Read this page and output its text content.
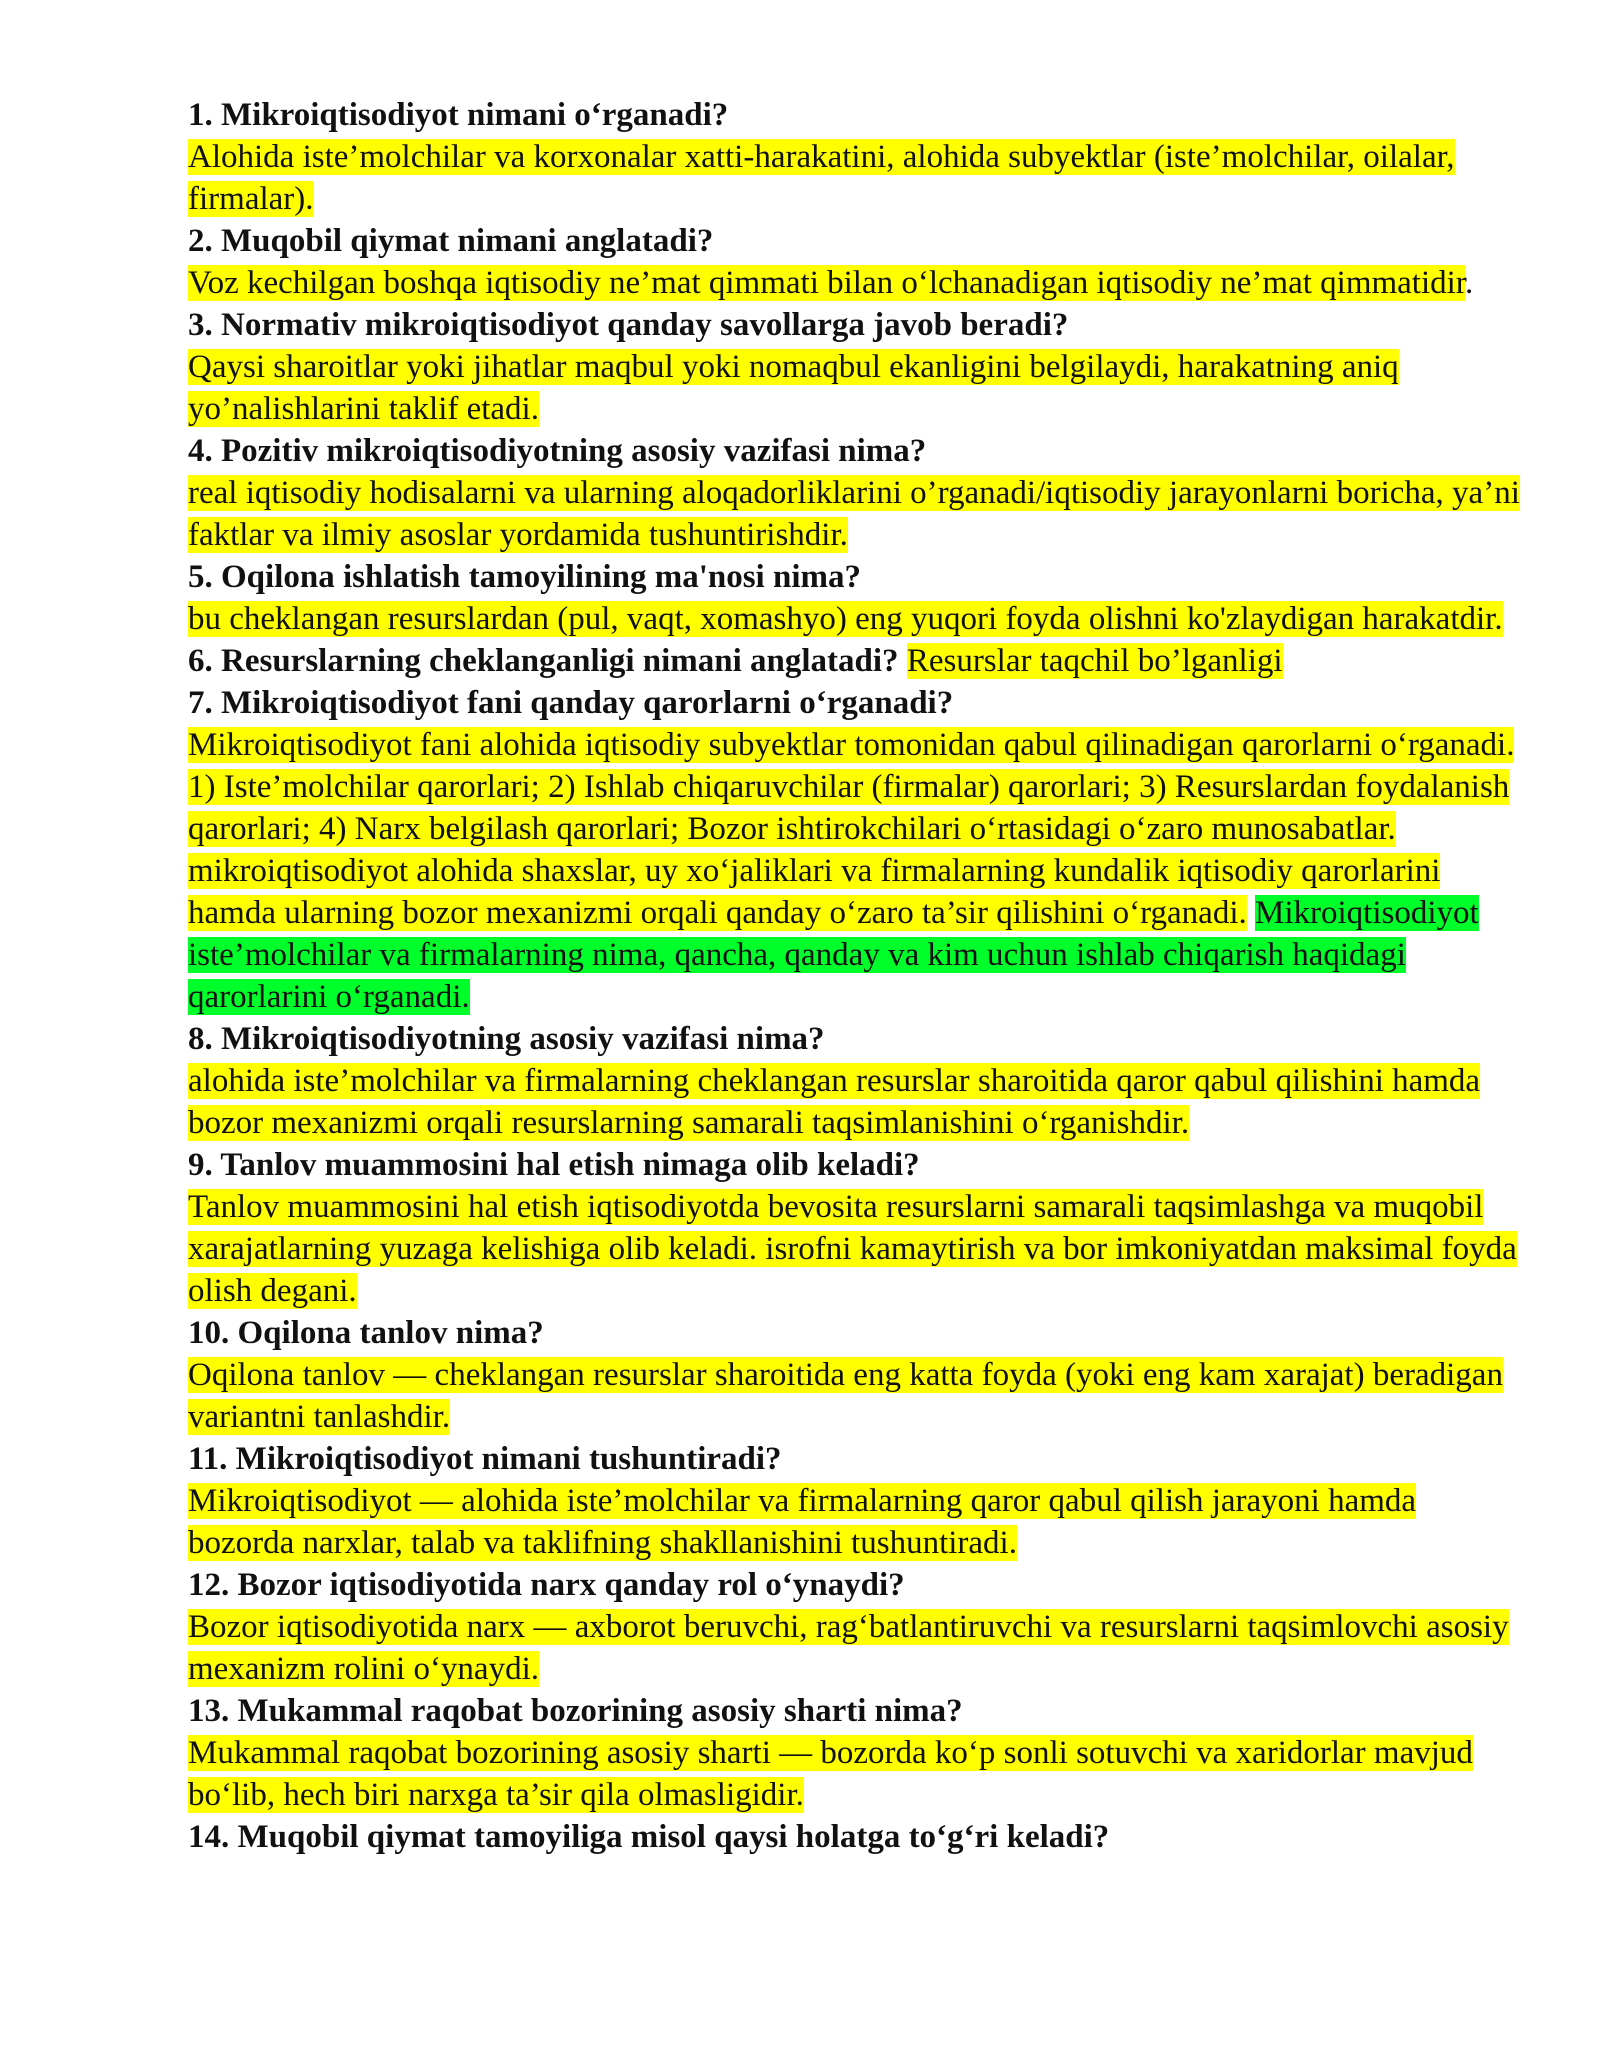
1. Mikroiqtisodiyot nimani o‘rganadi?

Alohida iste’molchilar va korxonalar xatti-harakatini, alohida subyektlar (iste’molchilar, oilalar, firmalar).

2. Muqobil qiymat nimani anglatadi?

Voz kechilgan boshqa iqtisodiy ne’mat qimmati bilan o‘lchanadigan iqtisodiy ne’mat qimmatidir.

3. Normativ mikroiqtisodiyot qanday savollarga javob beradi?

Qaysi sharoitlar yoki jihatlar maqbul yoki nomaqbul ekanligini belgilaydi, harakatning aniq yo’nalishlarini taklif etadi.

4. Pozitiv mikroiqtisodiyotning asosiy vazifasi nima?

real iqtisodiy hodisalarni va ularning aloqadorliklarini o’rganadi/iqtisodiy jarayonlarni boricha, ya’ni faktlar va ilmiy asoslar yordamida tushuntirishdir.

5. Oqilona ishlatish tamoyilining ma'nosi nima?

bu cheklangan resurslardan (pul, vaqt, xomashyo) eng yuqori foyda olishni ko'zlaydigan harakatdir.

6. Resurslarning cheklanganligi nimani anglatadi? Resurslar taqchil bo’lganligi

7. Mikroiqtisodiyot fani qanday qarorlarni o‘rganadi?

Mikroiqtisodiyot fani alohida iqtisodiy subyektlar tomonidan qabul qilinadigan qarorlarni o‘rganadi. 1) Iste’molchilar qarorlari; 2) Ishlab chiqaruvchilar (firmalar) qarorlari; 3) Resurslardan foydalanish qarorlari; 4) Narx belgilash qarorlari; Bozor ishtirokchilari o‘rtasidagi o‘zaro munosabatlar. mikroiqtisodiyot alohida shaxslar, uy xo‘jaliklari va firmalarning kundalik iqtisodiy qarorlarini hamda ularning bozor mexanizmi orqali qanday o‘zaro ta’sir qilishini o‘rganadi. Mikroiqtisodiyot iste’molchilar va firmalarning nima, qancha, qanday va kim uchun ishlab chiqarish haqidagi qarorlarini o‘rganadi.

8. Mikroiqtisodiyotning asosiy vazifasi nima?

alohida iste’molchilar va firmalarning cheklangan resurslar sharoitida qaror qabul qilishini hamda bozor mexanizmi orqali resurslarning samarali taqsimlanishini o‘rganishdir.

9. Tanlov muammosini hal etish nimaga olib keladi?

Tanlov muammosini hal etish iqtisodiyotda bevosita resurslarni samarali taqsimlashga va muqobil xarajatlarning yuzaga kelishiga olib keladi. isrofni kamaytirish va bor imkoniyatdan maksimal foyda olish degani.

10. Oqilona tanlov nima?

Oqilona tanlov — cheklangan resurslar sharoitida eng katta foyda (yoki eng kam xarajat) beradigan variantni tanlashdir.

11. Mikroiqtisodiyot nimani tushuntiradi?

Mikroiqtisodiyot — alohida iste’molchilar va firmalarning qaror qabul qilish jarayoni hamda bozorda narxlar, talab va taklifning shakllanishini tushuntiradi.

12. Bozor iqtisodiyotida narx qanday rol o‘ynaydi?

Bozor iqtisodiyotida narx — axborot beruvchi, rag‘batlantiruvchi va resurslarni taqsimlovchi asosiy mexanizm rolini o‘ynaydi.

13. Mukammal raqobat bozorining asosiy sharti nima?

Mukammal raqobat bozorining asosiy sharti — bozorda ko‘p sonli sotuvchi va xaridorlar mavjud bo‘lib, hech biri narxga ta’sir qila olmasligidir.

14. Muqobil qiymat tamoyiliga misol qaysi holatga to‘g‘ri keladi?
